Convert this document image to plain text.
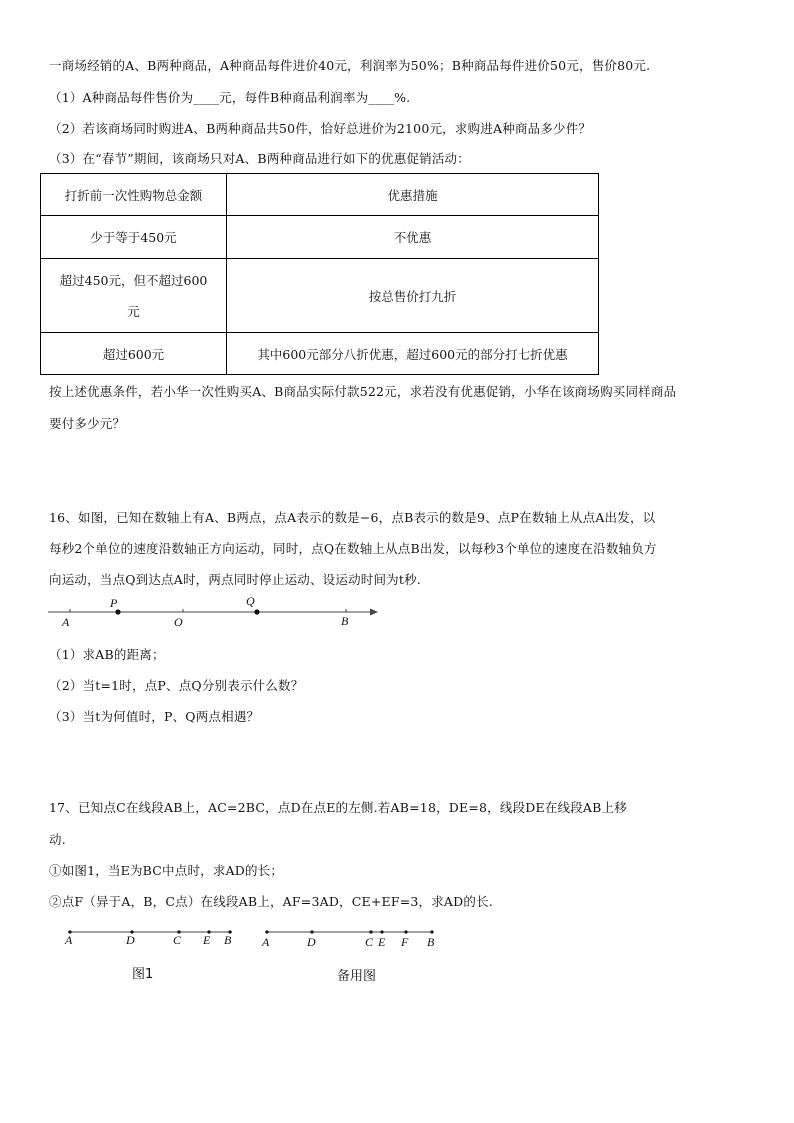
一商场经销的A、B两种商品，A种商品每件进价40元，利润率为50%；B种商品每件进价50元，售价80元.
（1）A种商品每件售价为____元，每件B种商品利润率为____%.
（2）若该商场同时购进A、B两种商品共50件，恰好总进价为2100元，求购进A种商品多少件？
（3）在“春节”期间，该商场只对A、B两种商品进行如下的优惠促销活动：
打折前一次性购物总金额	优惠措施
少于等于450元	不优惠
超过450元，但不超过600
元	按总售价打九折
超过600元	其中600元部分八折优惠，超过600元的部分打七折优惠
按上述优惠条件，若小华一次性购买A、B商品实际付款522元，求若没有优惠促销，小华在该商场购买同样商品
要付多少元？
16、如图，已知在数轴上有A、B两点，点A表示的数是−6，点B表示的数是9、点P在数轴上从点A出发，以
每秒2个单位的速度沿数轴正方向运动，同时，点Q在数轴上从点B出发，以每秒3个单位的速度在沿数轴负方
向运动，当点Q到达点A时，两点同时停止运动、设运动时间为t秒.
A
P
O
Q
B
（1）求AB的距离；
（2）当t=1时，点P、点Q分别表示什么数？
（3）当t为何值时，P、Q两点相遇？
17、已知点C在线段AB上，AC=2BC，点D在点E的左侧.若AB=18，DE=8，线段DE在线段AB上移
动.
①如图1，当E为BC中点时，求AD的长；
②点F（异于A，B，C点）在线段AB上，AF=3AD，CE+EF=3，求AD的长.
A	D	C E B
图1
A	D	C E F B
备用图
